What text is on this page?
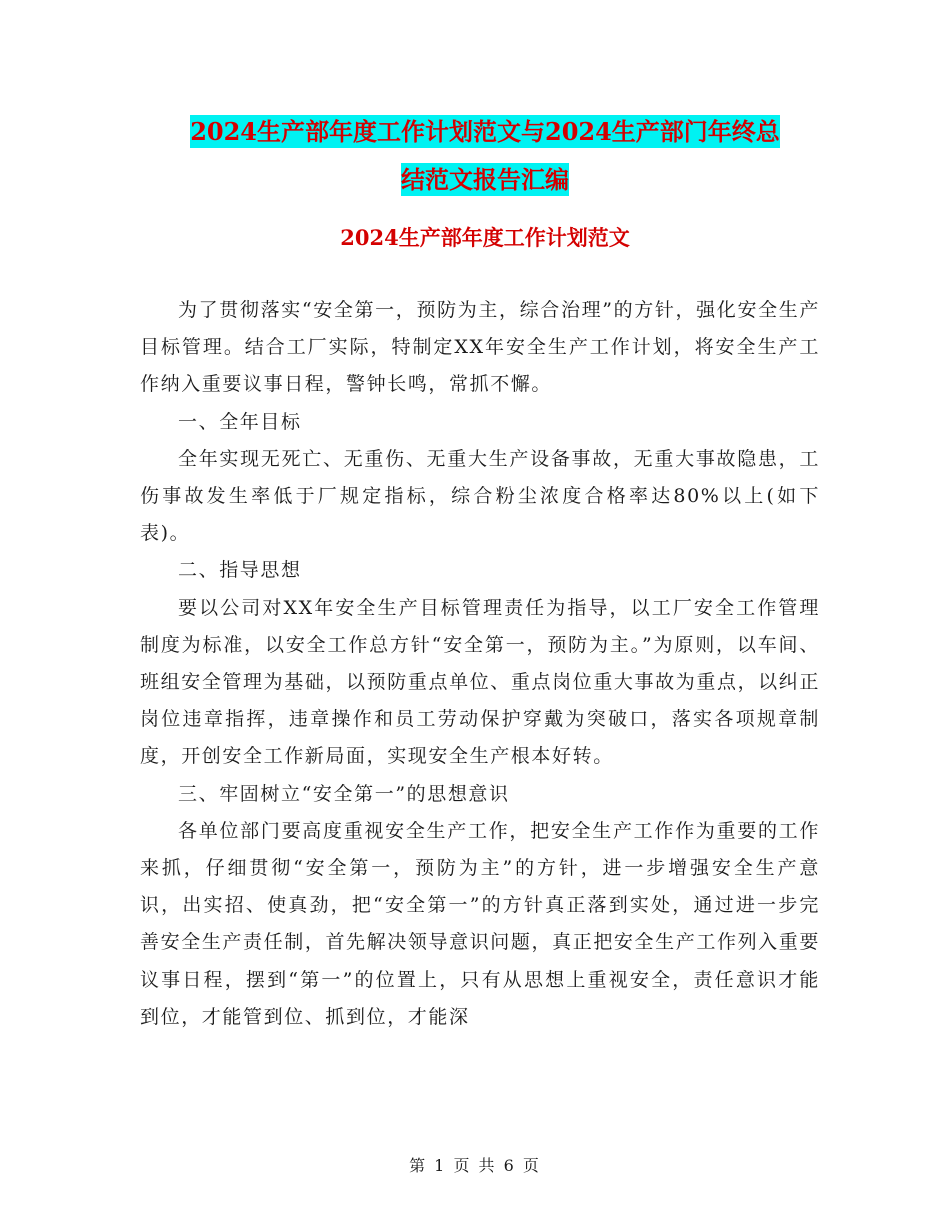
2024生产部年度工作计划范文与2024生产部门年终总
结范文报告汇编
2024生产部年度工作计划范文

为了贯彻落实“安全第一，预防为主，综合治理”的方针，强化安全生产目标管理。结合工厂实际，特制定XX年安全生产工作计划，将安全生产工作纳入重要议事日程，警钟长鸣，常抓不懈。

一、全年目标

全年实现无死亡、无重伤、无重大生产设备事故，无重大事故隐患，工伤事故发生率低于厂规定指标，综合粉尘浓度合格率达80%以上(如下表)。

二、指导思想

要以公司对XX年安全生产目标管理责任为指导，以工厂安全工作管理制度为标准，以安全工作总方针“安全第一，预防为主。”为原则，以车间、班组安全管理为基础，以预防重点单位、重点岗位重大事故为重点，以纠正岗位违章指挥，违章操作和员工劳动保护穿戴为突破口，落实各项规章制度，开创安全工作新局面，实现安全生产根本好转。

三、牢固树立“安全第一”的思想意识

各单位部门要高度重视安全生产工作，把安全生产工作作为重要的工作来抓，仔细贯彻“安全第一，预防为主”的方针，进一步增强安全生产意识，出实招、使真劲，把“安全第一”的方针真正落到实处，通过进一步完善安全生产责任制，首先解决领导意识问题，真正把安全生产工作列入重要议事日程，摆到“第一”的位置上，只有从思想上重视安全，责任意识才能到位，才能管到位、抓到位，才能深

第 1 页 共 6 页
